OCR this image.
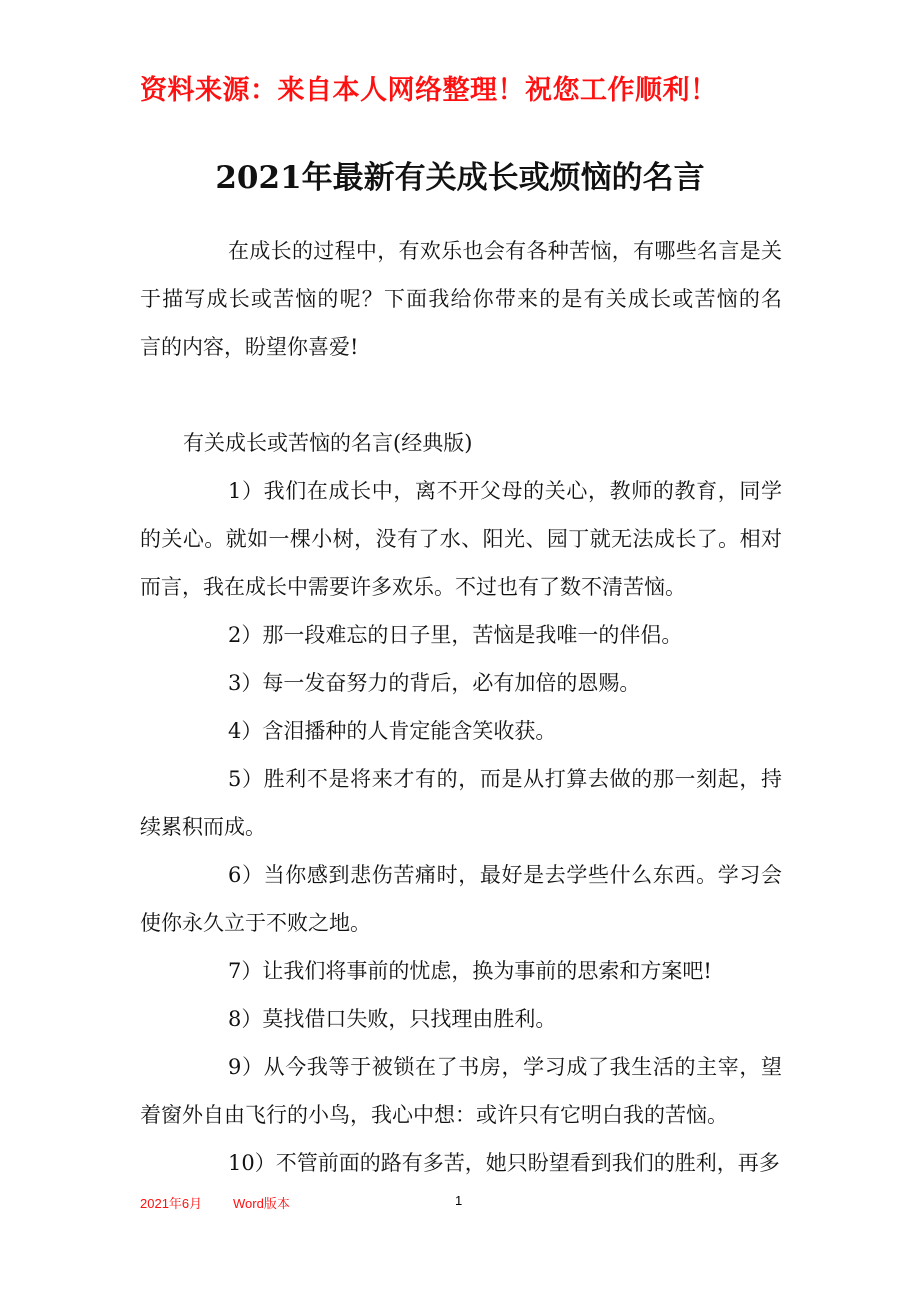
资料来源：来自本人网络整理！祝您工作顺利！
2021年最新有关成长或烦恼的名言
在成长的过程中，有欢乐也会有各种苦恼，有哪些名言是关
于描写成长或苦恼的呢？下面我给你带来的是有关成长或苦恼的名
言的内容，盼望你喜爱!
有关成长或苦恼的名言(经典版)
1）我们在成长中，离不开父母的关心，教师的教育，同学
的关心。就如一棵小树，没有了水、阳光、园丁就无法成长了。相对
而言，我在成长中需要许多欢乐。不过也有了数不清苦恼。
2）那一段难忘的日子里，苦恼是我唯一的伴侣。
3）每一发奋努力的背后，必有加倍的恩赐。
4）含泪播种的人肯定能含笑收获。
5）胜利不是将来才有的，而是从打算去做的那一刻起，持
续累积而成。
6）当你感到悲伤苦痛时，最好是去学些什么东西。学习会
使你永久立于不败之地。
7）让我们将事前的忧虑，换为事前的思索和方案吧!
8）莫找借口失败，只找理由胜利。
9）从今我等于被锁在了书房，学习成了我生活的主宰，望
着窗外自由飞行的小鸟，我心中想：或许只有它明白我的苦恼。
10）不管前面的路有多苦，她只盼望看到我们的胜利，再多
2021年6月 Word版本	1
